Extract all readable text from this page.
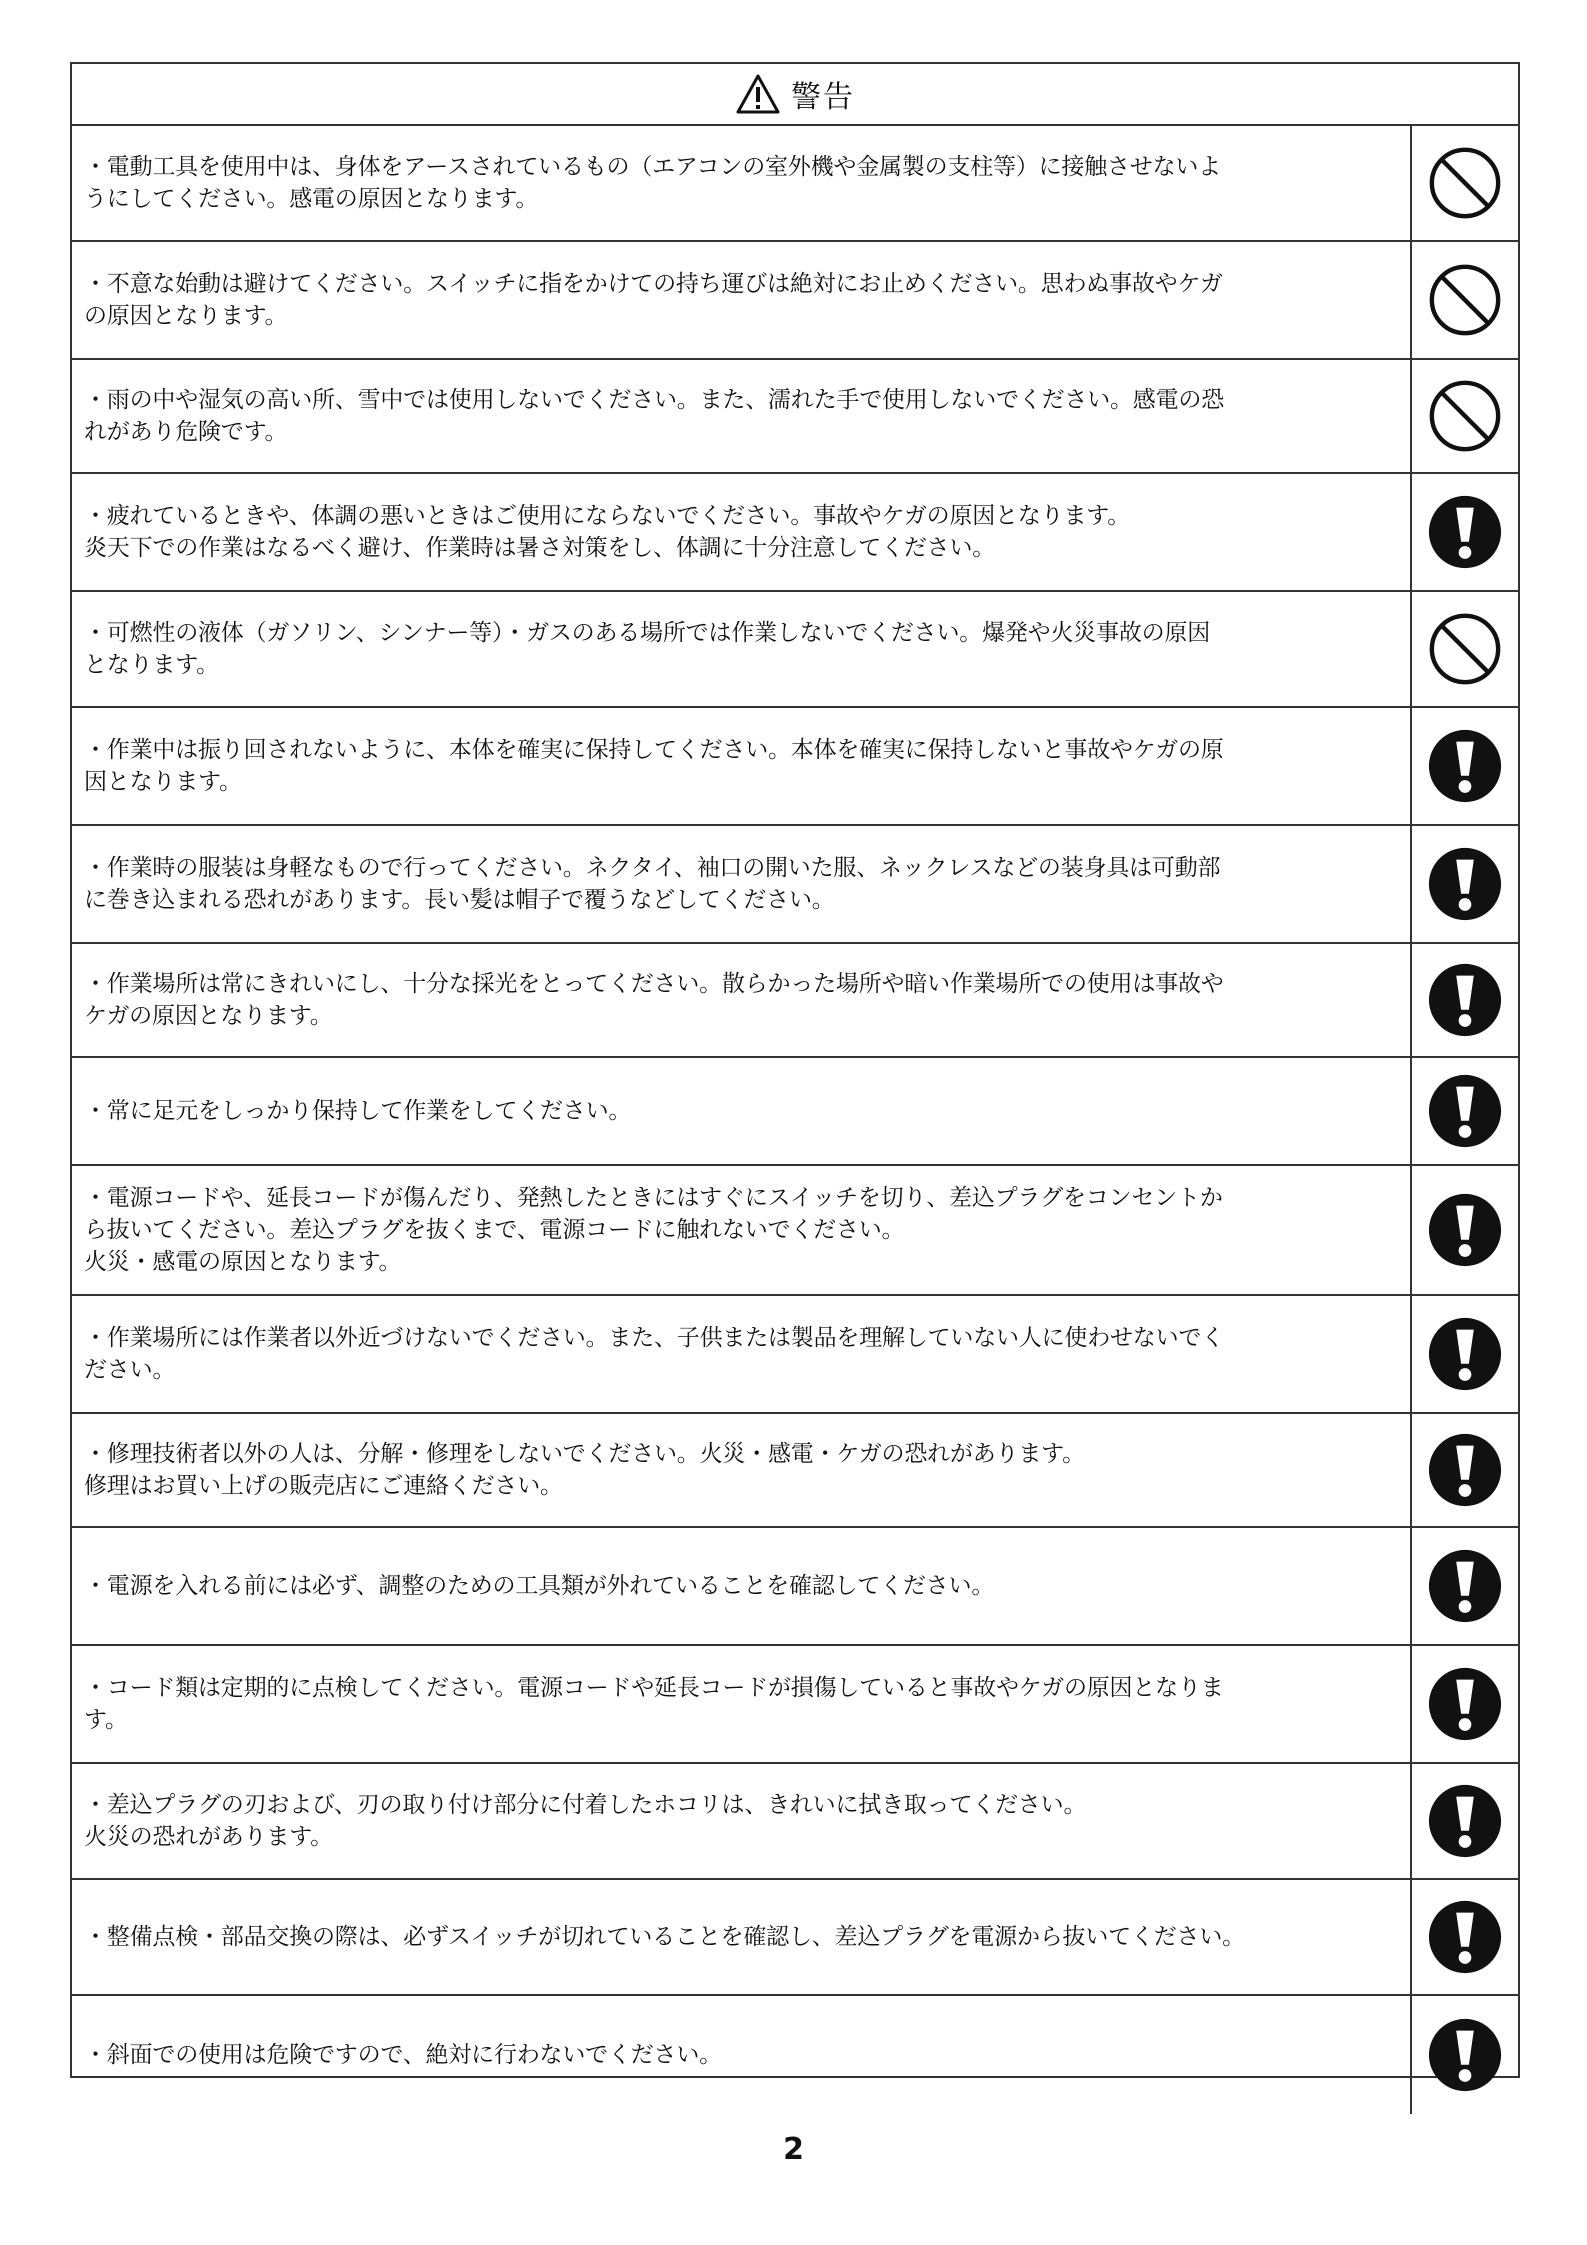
警告
・電動工具を使用中は、身体をアースされているもの（エアコンの室外機や金属製の支柱等）に接触させないよ
うにしてください。感電の原因となります。
・不意な始動は避けてください。スイッチに指をかけての持ち運びは絶対にお止めください。思わぬ事故やケガ
の原因となります。
・雨の中や湿気の高い所、雪中では使用しないでください。また、濡れた手で使用しないでください。感電の恐
れがあり危険です。
・疲れているときや、体調の悪いときはご使用にならないでください。事故やケガの原因となります。
炎天下での作業はなるべく避け、作業時は暑さ対策をし、体調に十分注意してください。
・可燃性の液体（ガソリン、シンナー等）・ガスのある場所では作業しないでください。爆発や火災事故の原因
となります。
・作業中は振り回されないように、本体を確実に保持してください。本体を確実に保持しないと事故やケガの原
因となります。
・作業時の服装は身軽なもので行ってください。ネクタイ、袖口の開いた服、ネックレスなどの装身具は可動部
に巻き込まれる恐れがあります。長い髪は帽子で覆うなどしてください。
・作業場所は常にきれいにし、十分な採光をとってください。散らかった場所や暗い作業場所での使用は事故や
ケガの原因となります。
・常に足元をしっかり保持して作業をしてください。
・電源コードや、延長コードが傷んだり、発熱したときにはすぐにスイッチを切り、差込プラグをコンセントか
ら抜いてください。差込プラグを抜くまで、電源コードに触れないでください。
火災・感電の原因となります。
・作業場所には作業者以外近づけないでください。また、子供または製品を理解していない人に使わせないでく
ださい。
・修理技術者以外の人は、分解・修理をしないでください。火災・感電・ケガの恐れがあります。
修理はお買い上げの販売店にご連絡ください。
・電源を入れる前には必ず、調整のための工具類が外れていることを確認してください。
・コード類は定期的に点検してください。電源コードや延長コードが損傷していると事故やケガの原因となりま
す。
・差込プラグの刃および、刃の取り付け部分に付着したホコリは、きれいに拭き取ってください。
火災の恐れがあります。
・整備点検・部品交換の際は、必ずスイッチが切れていることを確認し、差込プラグを電源から抜いてください。
・斜面での使用は危険ですので、絶対に行わないでください。
2
